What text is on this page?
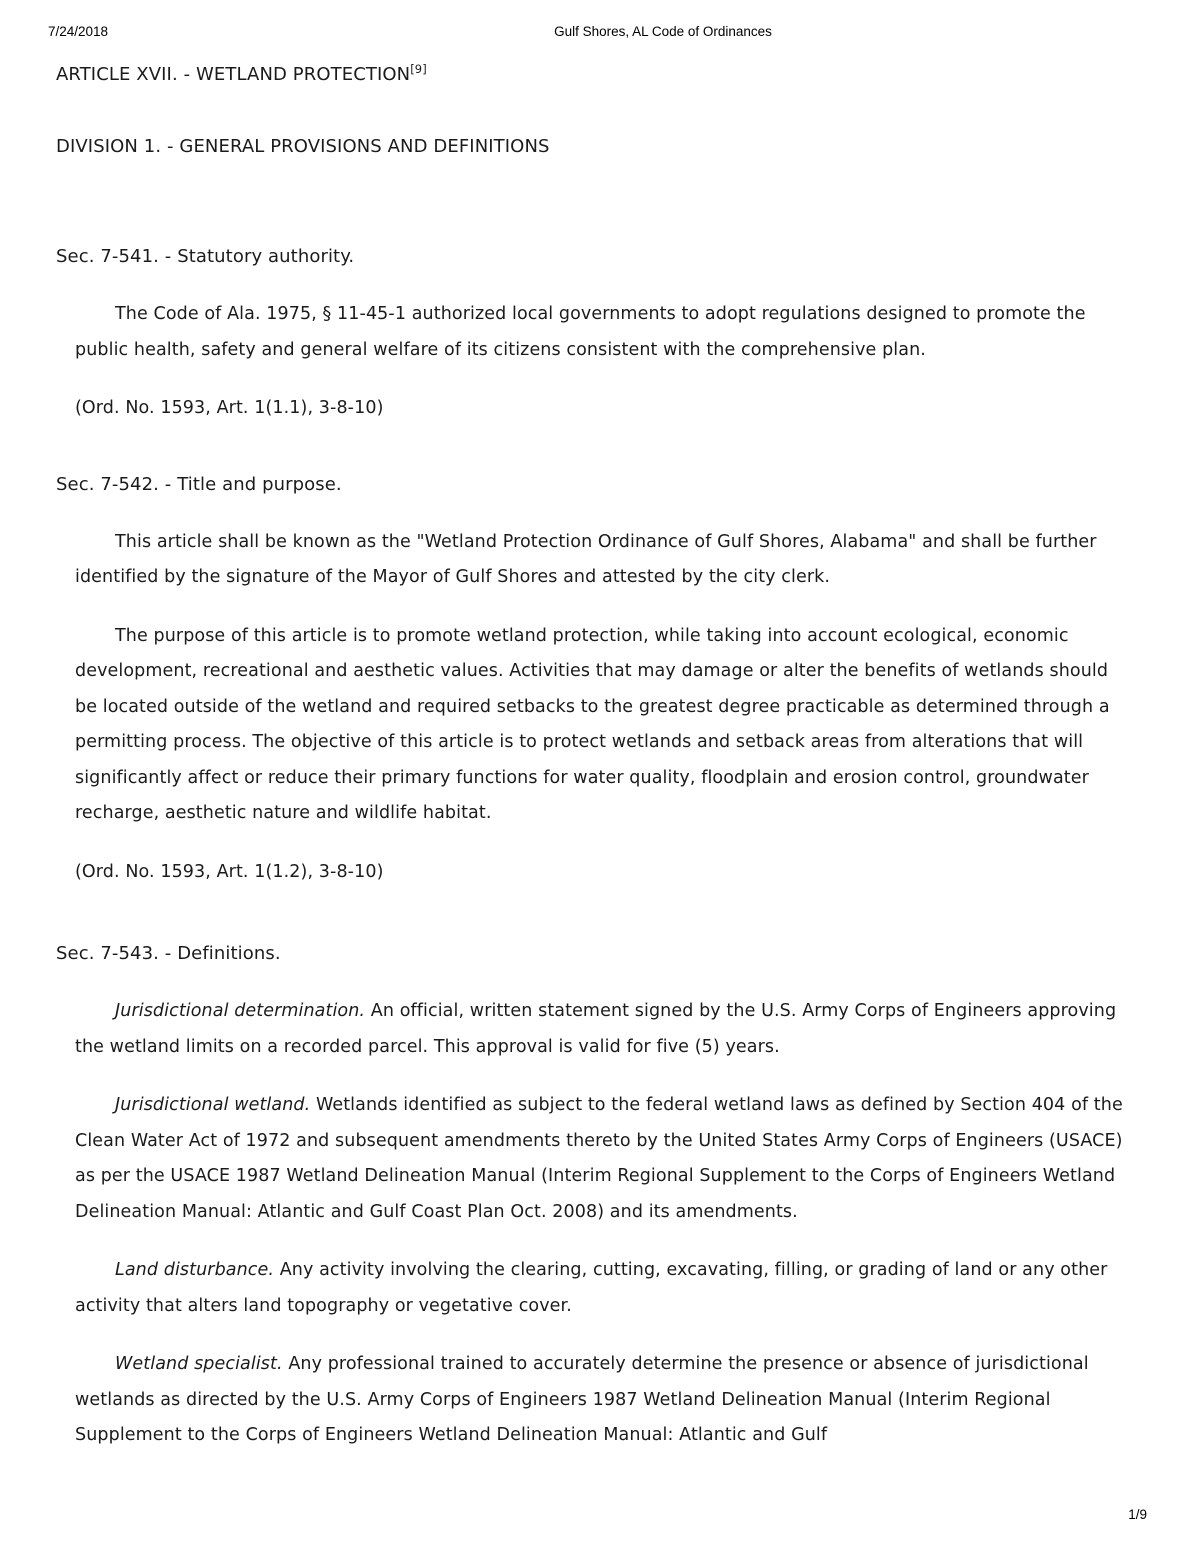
7/24/2018	Gulf Shores, AL Code of Ordinances
ARTICLE XVII. - WETLAND PROTECTION[9]
DIVISION 1. - GENERAL PROVISIONS AND DEFINITIONS
Sec. 7-541. - Statutory authority.

The Code of Ala. 1975, § 11-45-1 authorized local governments to adopt regulations designed to promote the public health, safety and general welfare of its citizens consistent with the comprehensive plan.

(Ord. No. 1593, Art. 1(1.1), 3-8-10)

Sec. 7-542. - Title and purpose.

This article shall be known as the "Wetland Protection Ordinance of Gulf Shores, Alabama" and shall be further identified by the signature of the Mayor of Gulf Shores and attested by the city clerk.

The purpose of this article is to promote wetland protection, while taking into account ecological, economic development, recreational and aesthetic values. Activities that may damage or alter the benefits of wetlands should be located outside of the wetland and required setbacks to the greatest degree practicable as determined through a permitting process. The objective of this article is to protect wetlands and setback areas from alterations that will significantly affect or reduce their primary functions for water quality, floodplain and erosion control, groundwater recharge, aesthetic nature and wildlife habitat.

(Ord. No. 1593, Art. 1(1.2), 3-8-10)

Sec. 7-543. - Definitions.

Jurisdictional determination. An official, written statement signed by the U.S. Army Corps of Engineers approving the wetland limits on a recorded parcel. This approval is valid for five (5) years.

Jurisdictional wetland. Wetlands identified as subject to the federal wetland laws as defined by Section 404 of the Clean Water Act of 1972 and subsequent amendments thereto by the United States Army Corps of Engineers (USACE) as per the USACE 1987 Wetland Delineation Manual (Interim Regional Supplement to the Corps of Engineers Wetland Delineation Manual: Atlantic and Gulf Coast Plan Oct. 2008) and its amendments.

Land disturbance. Any activity involving the clearing, cutting, excavating, filling, or grading of land or any other activity that alters land topography or vegetative cover.

Wetland specialist. Any professional trained to accurately determine the presence or absence of jurisdictional wetlands as directed by the U.S. Army Corps of Engineers 1987 Wetland Delineation Manual (Interim Regional Supplement to the Corps of Engineers Wetland Delineation Manual: Atlantic and Gulf

1/9
